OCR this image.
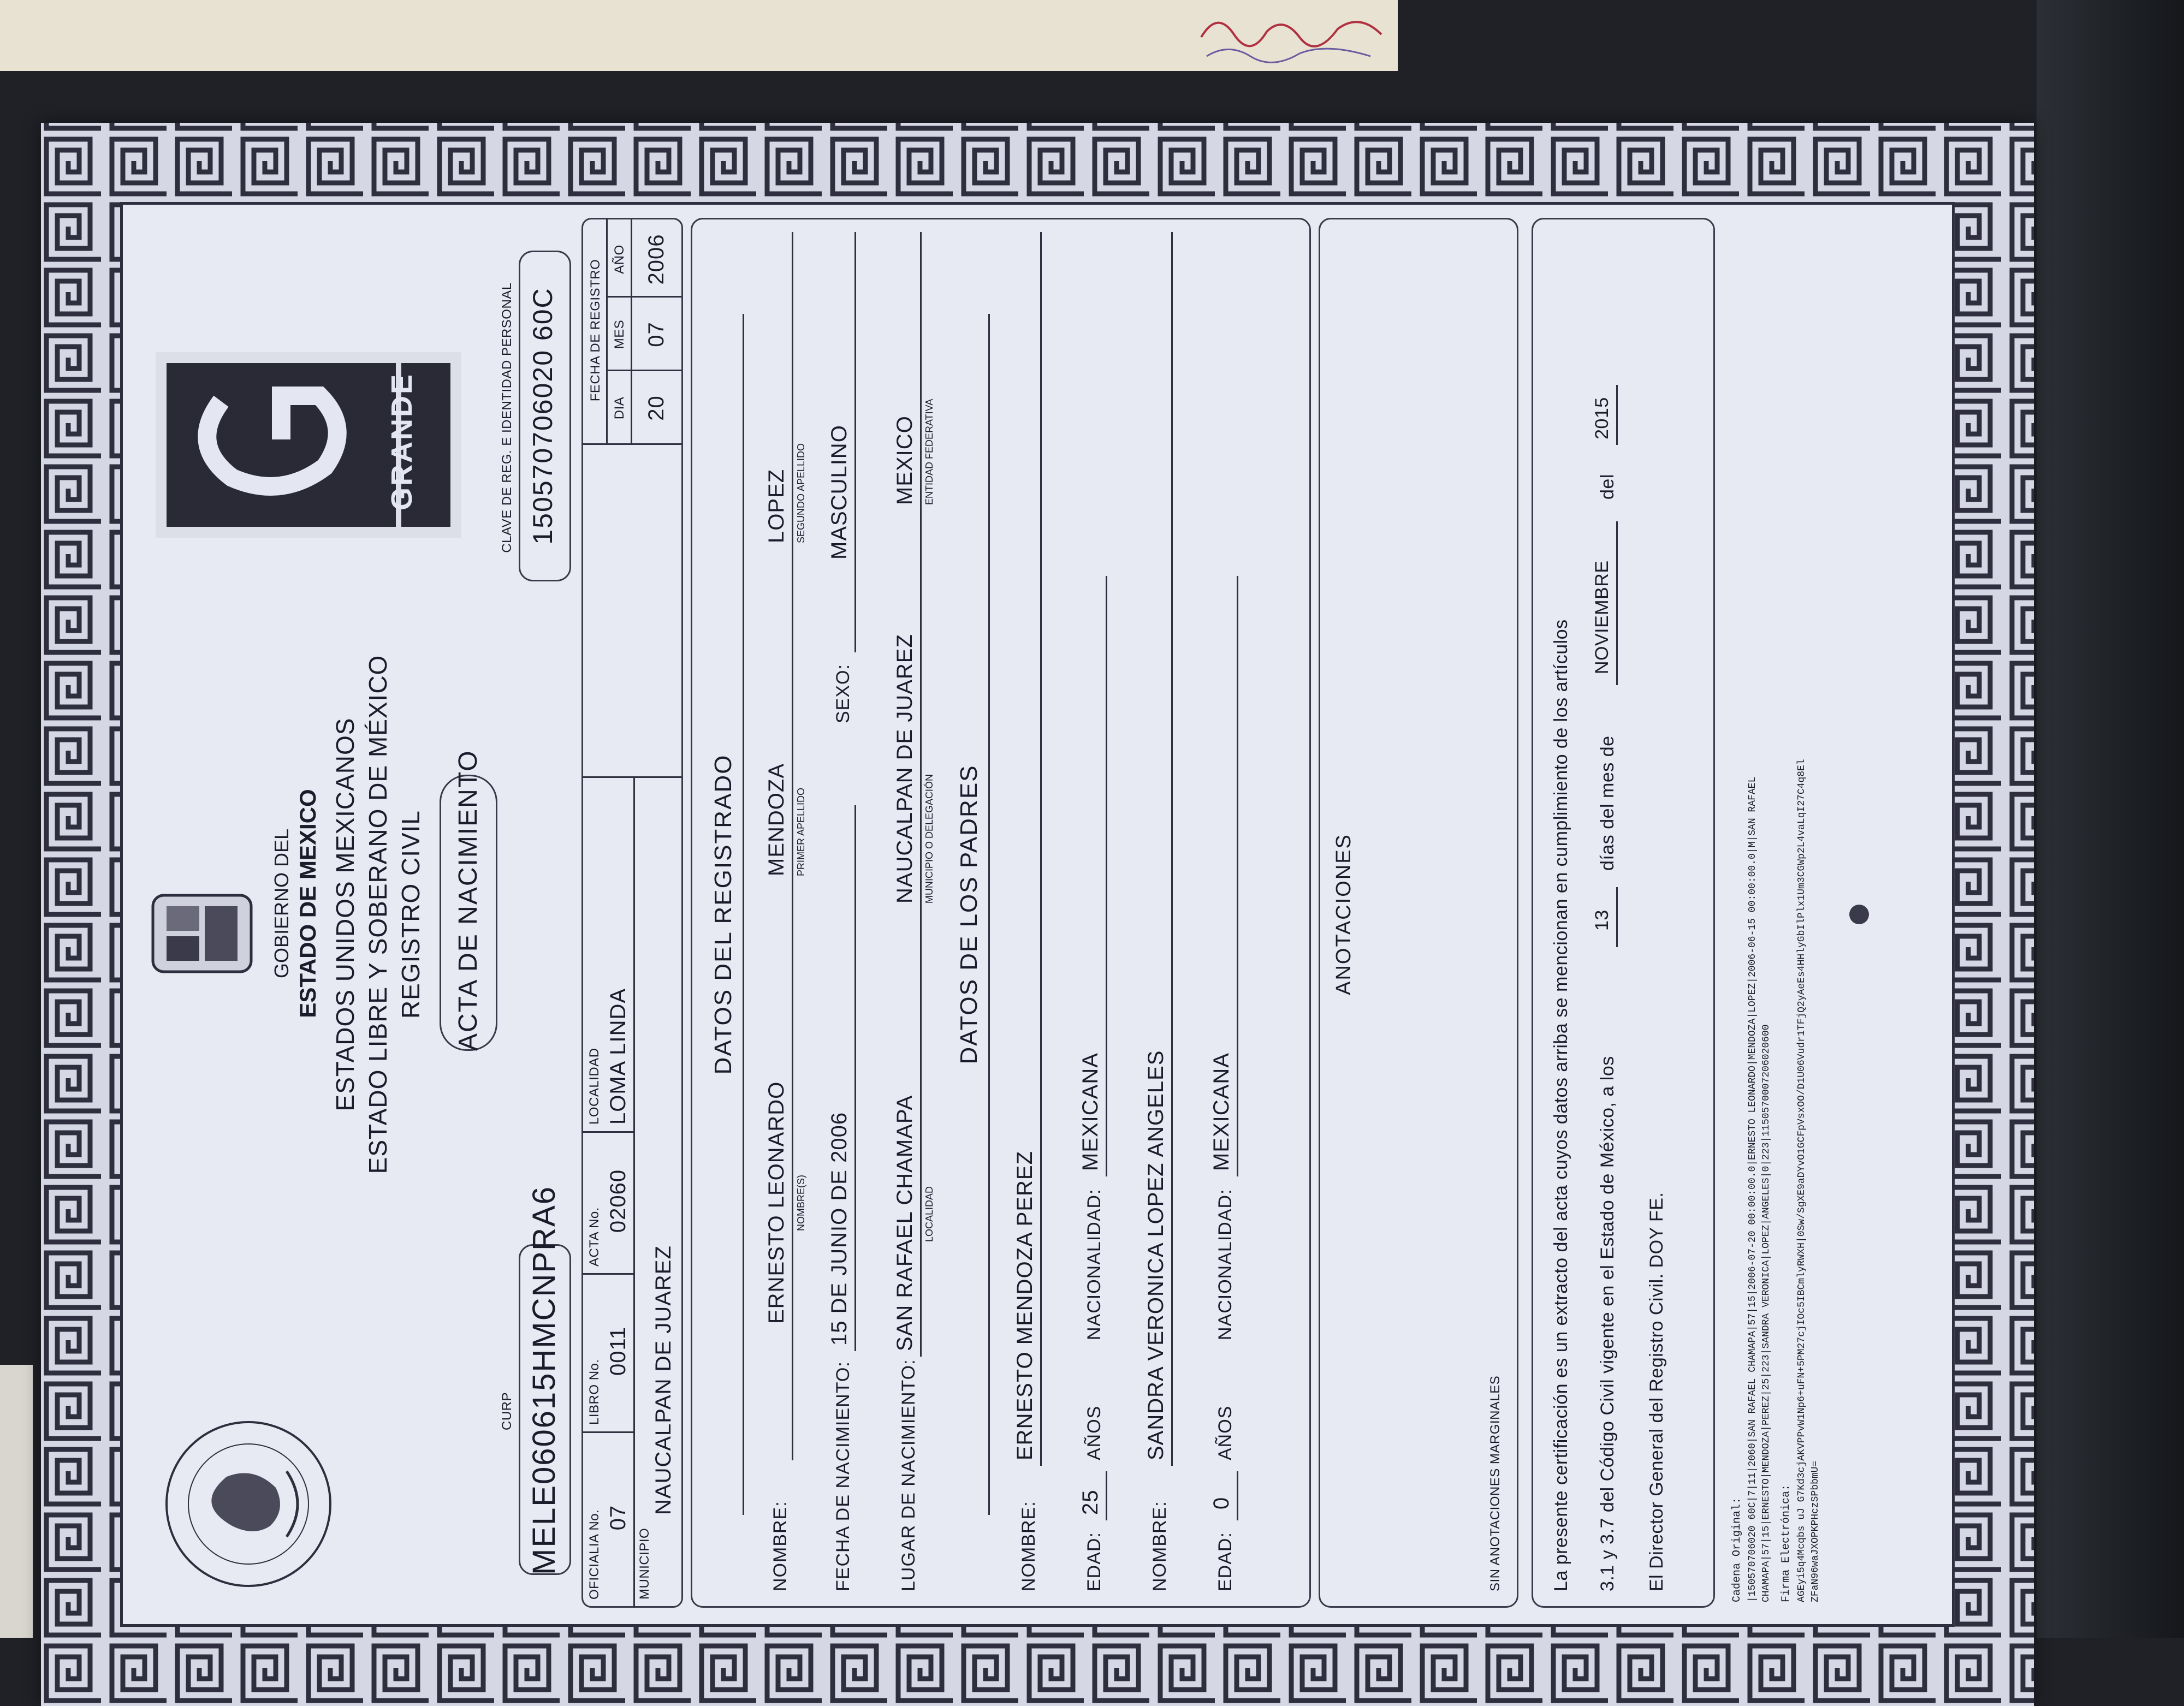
GRANDE
GOBIERNO DEL ESTADO DE MEXICO ESTADOS UNIDOS MEXICANOS ESTADO LIBRE Y SOBERANO DE MÉXICO REGISTRO CIVIL ACTA DE NACIMIENTO
CURP MELE060615HMCNPRA6
CLAVE DE REG. E IDENTIDAD PERSONAL 150570706020 60C
OFICIALIA No. 07
LIBRO No.
0011
ACTA No.
02060
LOCALIDAD LOMA LINDA
MUNICIPIO
NAUCALPAN DE JUAREZ
FECHA DE REGISTRO
DIA
MES
AÑO
20
07
2006
DATOS DEL REGISTRADO
NOMBRE:
ERNESTO LEONARDO
MENDOZA
LOPEZ
NOMBRE(S)
PRIMER APELLIDO
SEGUNDO APELLIDO
FECHA DE NACIMIENTO:
15 DE JUNIO DE 2006
SEXO:
MASCULINO
LUGAR DE NACIMIENTO:
SAN RAFAEL CHAMAPA
NAUCALPAN DE JUAREZ
MEXICO
LOCALIDAD
MUNICIPIO O DELEGACIÓN
ENTIDAD FEDERATIVA
DATOS DE LOS PADRES
NOMBRE:
ERNESTO MENDOZA PEREZ
EDAD:
25
AÑOS
NACIONALIDAD:
MEXICANA
NOMBRE:
SANDRA VERONICA LOPEZ ANGELES
EDAD:
0
AÑOS
NACIONALIDAD:
MEXICANA
ANOTACIONES
SIN ANOTACIONES MARGINALES	La presente certificación es un extracto del acta cuyos datos arriba se mencionan en cumplimiento de los artículos 3.1 y 3.7 del Código Civil vigente en el Estado de México, a los
13
días del mes de
NOVIEMBRE
del
2015
El Director General del Registro Civil. DOY FE.	Cadena Original: |150570706020 60C|7|11|2060|SAN RAFAEL CHAMAPA|57|15|2006-07-20 00:00:00.0|ERNESTO LEONARDO|MENDOZA|LOPEZ|2006-06-15 00:00:00.0|M|SAN RAFAEL CHAMAPA|57|15|ERNESTO|MENDOZA|PEREZ|25|223|SANDRA VERONICA|LOPEZ|ANGELES|0|223|1150570007206020600 Firma Electrónica: AGEyi5q4Mcqbs uJ G7Kd3cjAKVPPvW1Np6+uFN+5PM27cjIOc5IBCmlyRWXH|0Sw/SgXE9aDYvO1GCFpVsxOO/D1U06Vudr1TFjQ2yAeEs4HHlyGbIlPlx1Um3CGWp2L4vaLqI27C4q8El ZFaN96waJXOPKPHczSPbbmU=
